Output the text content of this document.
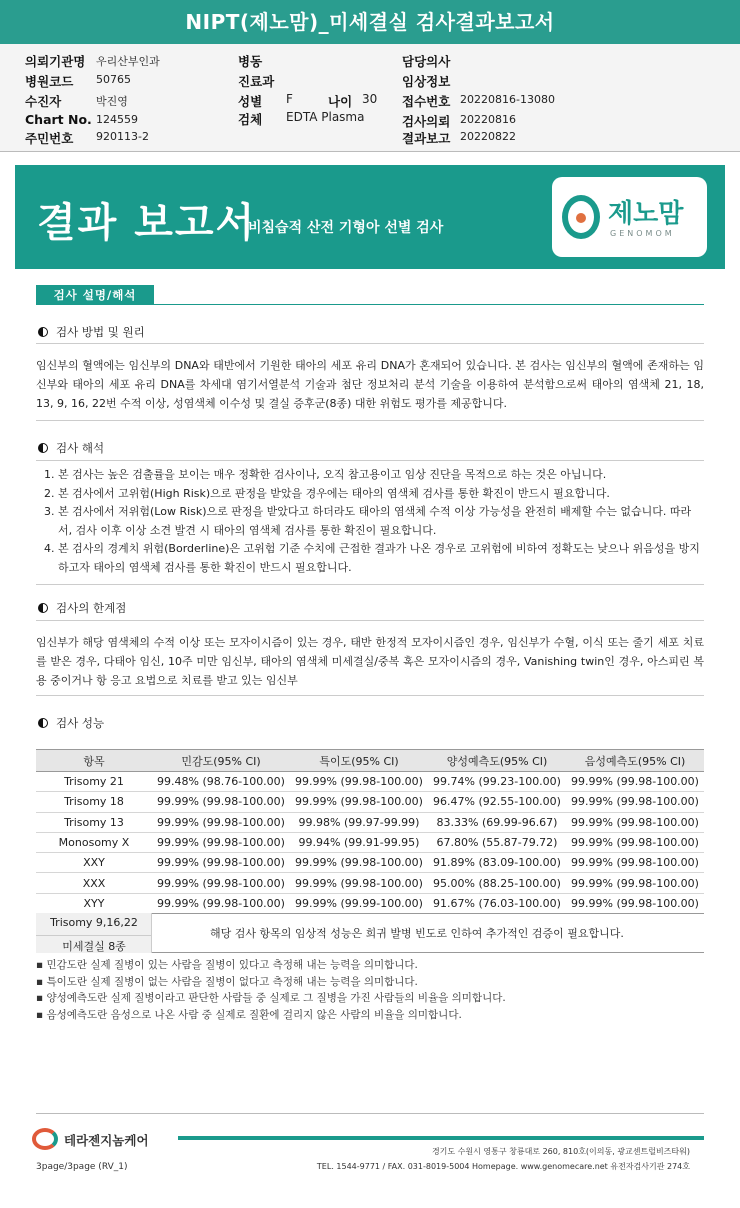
NIPT(제노맘)_미세결실 검사결과보고서
의뢰기관명 우리산부인과
병원코드 50765
수진자	박진영
Chart No. 124559
주민번호 920113-2
병동
진료과
성별 F	나이 30
검체 EDTA Plasma
담당의사
임상정보
접수번호 20220816-13080
검사의뢰 20220816
결과보고 20220822
결과 보고서
비침습적 산전 기형아 선별 검사	제노맘
GENOMOM
검사 설명/해석
검사 방법 및 원리
임신부의 혈액에는 임신부의 DNA와 태반에서 기원한 태아의 세포 유리 DNA가 혼재되어 있습니다. 본 검사는 임신부의 혈액에 존재하는 임신부와 태아의 세포 유리 DNA를 차세대 염기서열분석 기술과 첨단 정보처리 분석 기술을 이용하여 분석함으로써 태아의 염색체 21, 18, 13, 9, 16, 22번 수적 이상, 성염색체 이수성 및 결실 증후군(8종) 대한 위험도 평가를 제공합니다.
검사 해석
1. 본 검사는 높은 검출률을 보이는 매우 정확한 검사이나, 오직 참고용이고 임상 진단을 목적으로 하는 것은 아닙니다.
2. 본 검사에서 고위험(High Risk)으로 판정을 받았을 경우에는 태아의 염색체 검사를 통한 확진이 반드시 필요합니다.
3. 본 검사에서 저위험(Low Risk)으로 판정을 받았다고 하더라도 태아의 염색체 수적 이상 가능성을 완전히 배제할 수는 없습니다. 따라서, 검사 이후 이상 소견 발견 시 태아의 염색체 검사를 통한 확진이 필요합니다.
4. 본 검사의 경계치 위험(Borderline)은 고위험 기준 수치에 근접한 결과가 나온 경우로 고위험에 비하여 정확도는 낮으나 위음성을 방지하고자 태아의 염색체 검사를 통한 확진이 반드시 필요합니다.
검사의 한계점
임신부가 해당 염색체의 수적 이상 또는 모자이시즘이 있는 경우, 태반 한정적 모자이시즘인 경우, 임신부가 수혈, 이식 또는 줄기 세포 치료를 받은 경우, 다태아 임신, 10주 미만 임신부, 태아의 염색체 미세결실/중복 혹은 모자이시즘의 경우, Vanishing twin인 경우, 아스피린 복용 중이거나 항 응고 요법으로 치료를 받고 있는 임신부
검사 성능
항목	민감도(95% CI)	특이도(95% CI)	양성예측도(95% CI)	음성예측도(95% CI)
Trisomy 21	99.48% (98.76-100.00)	99.99% (99.98-100.00)	99.74% (99.23-100.00)	99.99% (99.98-100.00)
Trisomy 18	99.99% (99.98-100.00)	99.99% (99.98-100.00)	96.47% (92.55-100.00)	99.99% (99.98-100.00)
Trisomy 13	99.99% (99.98-100.00)	99.98% (99.97-99.99)	83.33% (69.99-96.67)	99.99% (99.98-100.00)
Monosomy X	99.99% (99.98-100.00)	99.94% (99.91-99.95)	67.80% (55.87-79.72)	99.99% (99.98-100.00)
XXY	99.99% (99.98-100.00)	99.99% (99.98-100.00)	91.89% (83.09-100.00)	99.99% (99.98-100.00)
XXX	99.99% (99.98-100.00)	99.99% (99.98-100.00)	95.00% (88.25-100.00)	99.99% (99.98-100.00)
XYY	99.99% (99.98-100.00)	99.99% (99.99-100.00)	91.67% (76.03-100.00)	99.99% (99.98-100.00)
Trisomy 9,16,22
미세결실 8종
해당 검사 항목의 임상적 성능은 희귀 발병 빈도로 인하여 추가적인 검증이 필요합니다.
▪ 민감도란 실제 질병이 있는 사람을 질병이 있다고 측정해 내는 능력을 의미합니다.
▪ 특이도란 실제 질병이 없는 사람을 질병이 없다고 측정해 내는 능력을 의미합니다.
▪ 양성예측도란 실제 질병이라고 판단한 사람들 중 실제로 그 질병을 가진 사람들의 비율을 의미합니다.
▪ 음성예측도란 음성으로 나온 사람 중 실제로 질환에 걸리지 않은 사람의 비율을 의미합니다.
테라젠지놈케어
경기도 수원시 영통구 창룡대로 260, 810호(이의동, 광교센트럴비즈타워)
TEL. 1544-9771 / FAX. 031-8019-5004 Homepage. www.genomecare.net 유전자검사기관 274호
3page/3page (RV_1)
